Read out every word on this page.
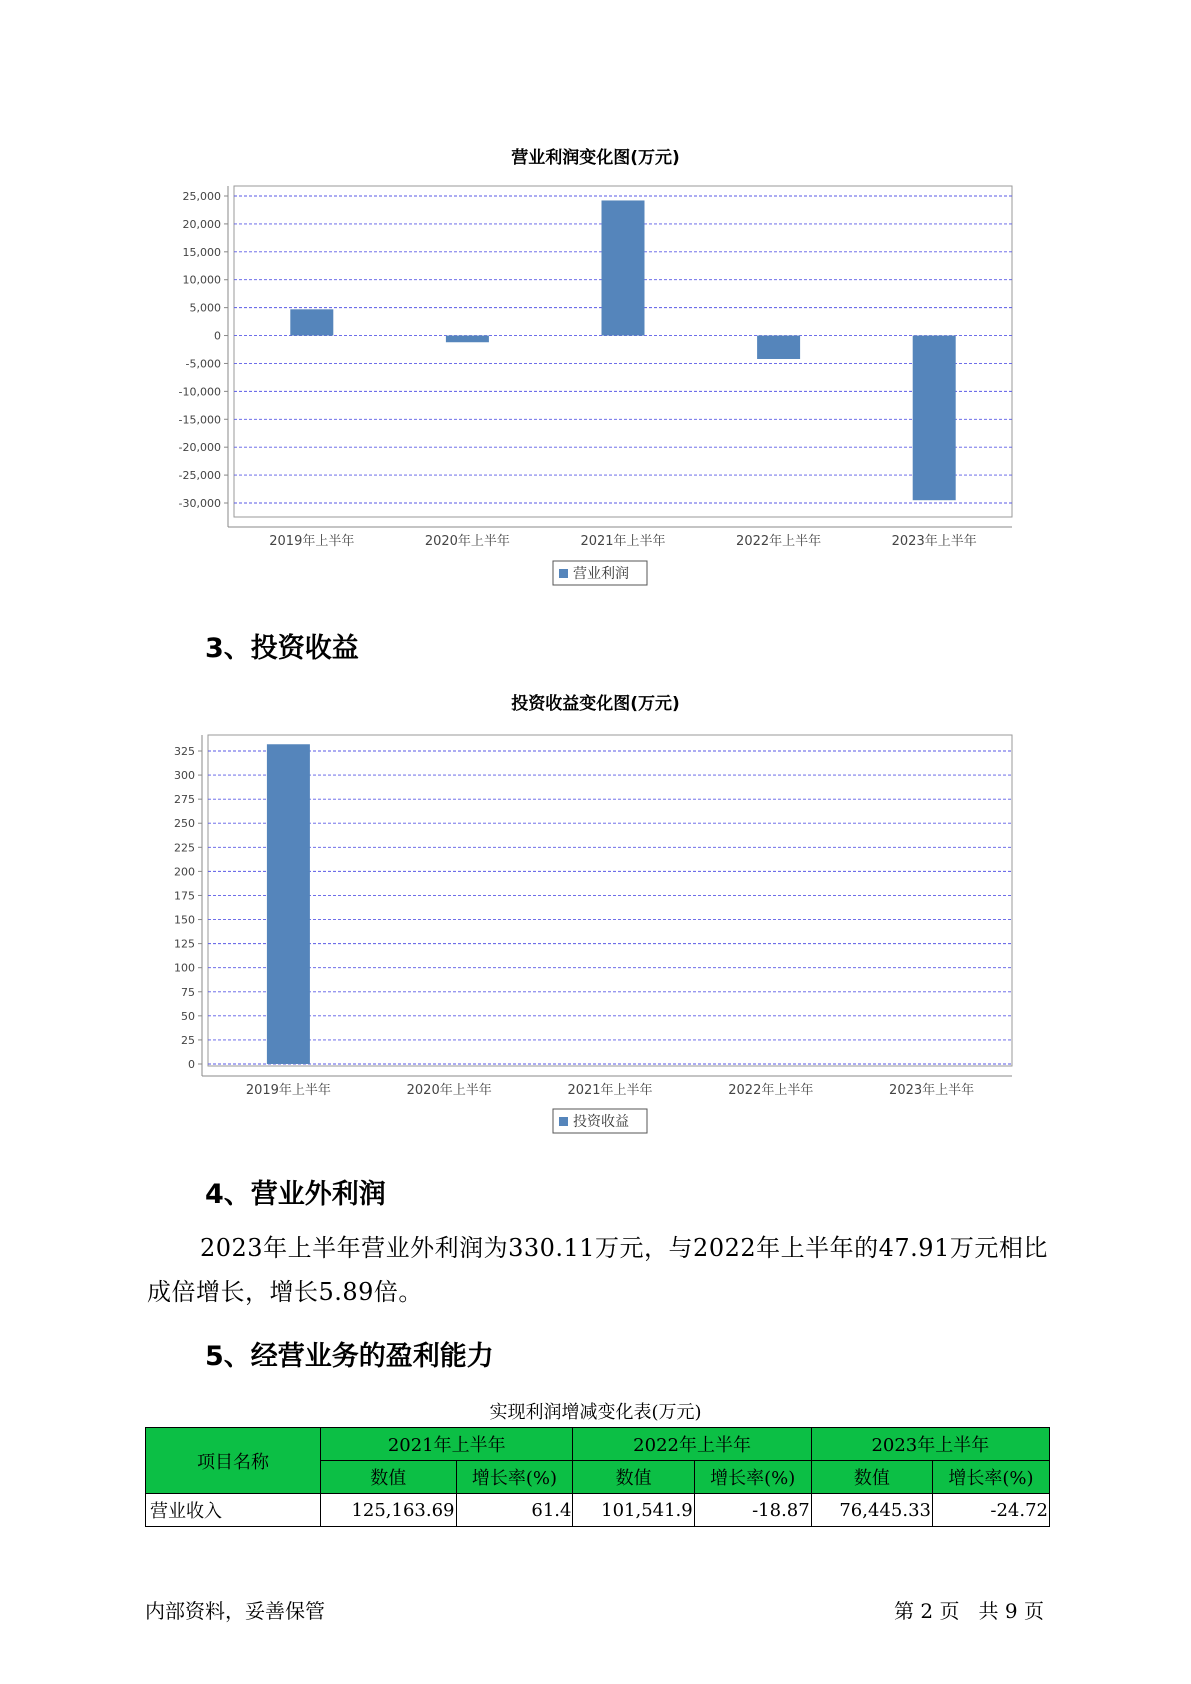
营业利润变化图(万元)
25,000
20,000
15,000
10,000
5,000
0
-5,000
-10,000
-15,000
-20,000
-25,000
-30,000
2019年上半年	2020年上半年	2021年上半年	2022年上半年	2023年上半年
营业利润
3、投资收益
投资收益变化图(万元)
325
300
275
250
225
200
175
150
125
100
75
50
25
0
2019年上半年	2020年上半年	2021年上半年	2022年上半年	2023年上半年
投资收益
4、营业外利润

2023年上半年营业外利润为330.11万元，与2022年上半年的47.91万元相比成倍增长，增长5.89倍。

5、经营业务的盈利能力
实现利润增减变化表(万元)
项目名称	2021年上半年		2022年上半年		2023年上半年	
	数值	增长率(%)	数值	增长率(%)	数值	增长率(%)
营业收入	125,163.69	61.4	101,541.9	-18.87	76,445.33	-24.72
内部资料，妥善保管	第 2 页   共 9 页
